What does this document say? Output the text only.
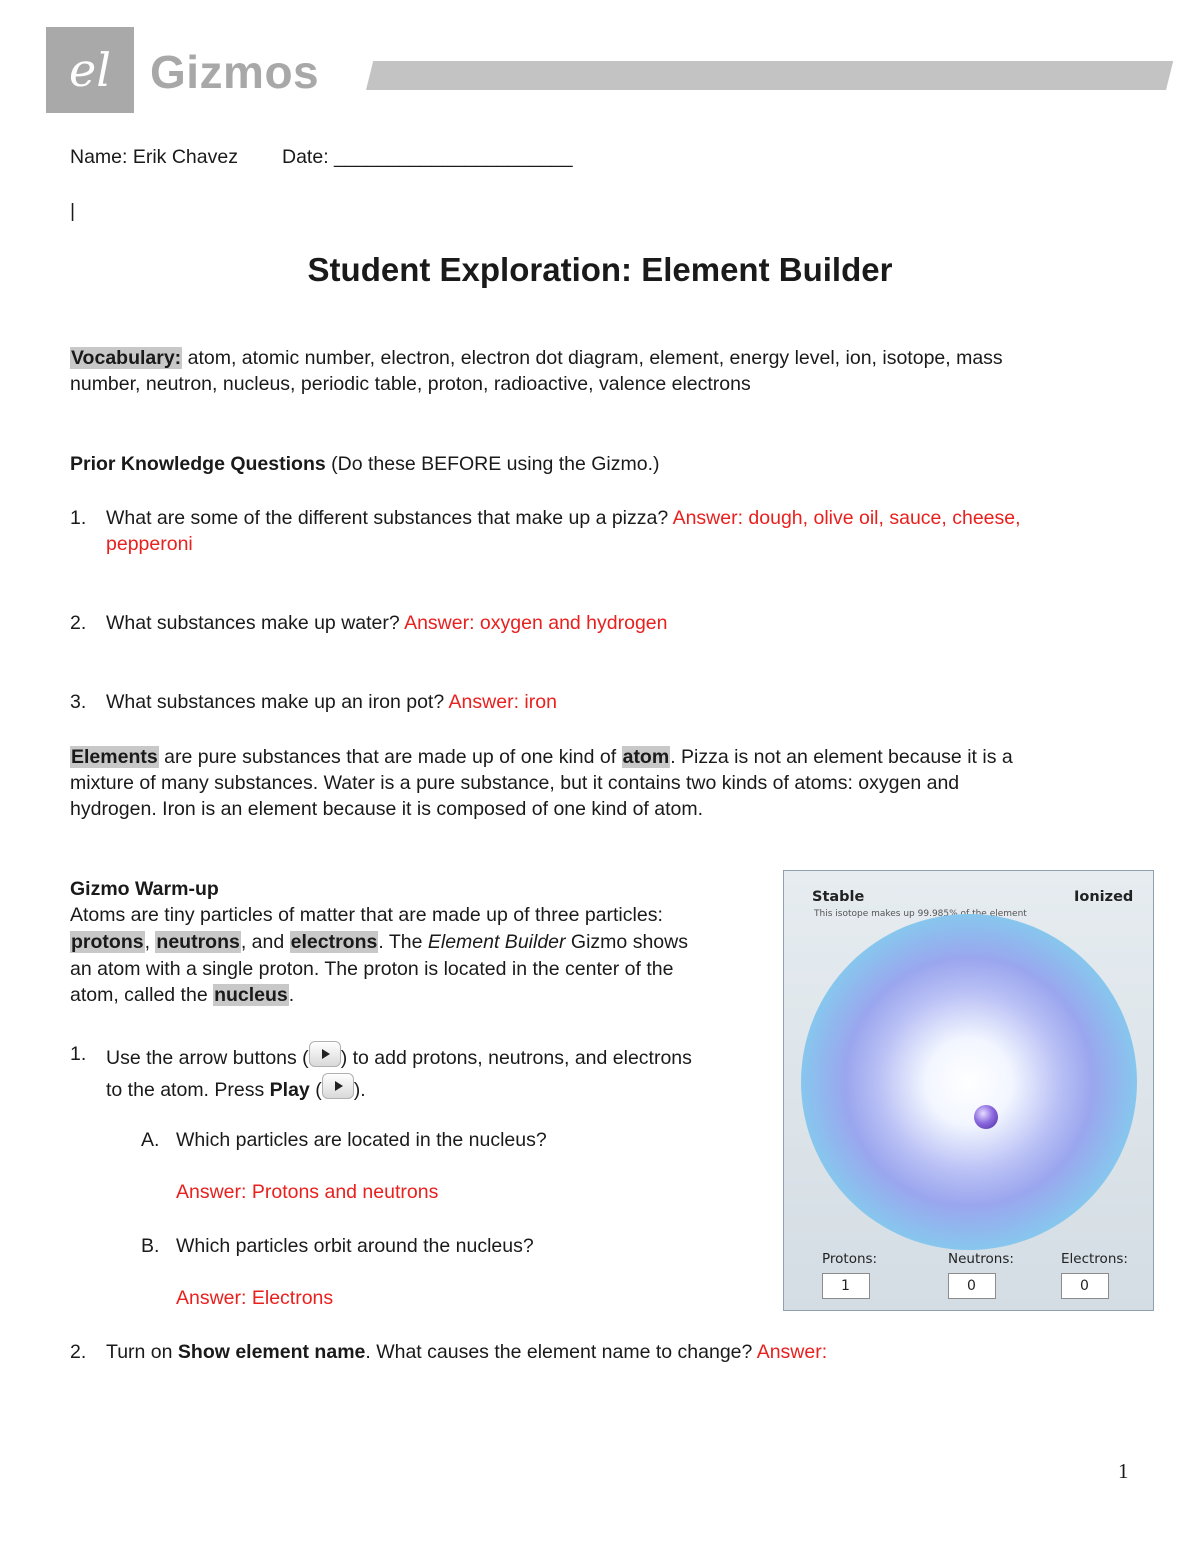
el Gizmos
Name: Erik Chavez Date: ______________________
|
Student Exploration: Element Builder
Vocabulary: atom, atomic number, electron, electron dot diagram, element, energy level, ion, isotope, mass
number, neutron, nucleus, periodic table, proton, radioactive, valence electrons
Prior Knowledge Questions (Do these BEFORE using the Gizmo.)
1.	What are some of the different substances that make up a pizza? Answer: dough, olive oil, sauce, cheese,
pepperoni
2.	What substances make up water? Answer: oxygen and hydrogen
3.	What substances make up an iron pot? Answer: iron
Elements are pure substances that are made up of one kind of atom. Pizza is not an element because it is a
mixture of many substances. Water is a pure substance, but it contains two kinds of atoms: oxygen and
hydrogen. Iron is an element because it is composed of one kind of atom.
Gizmo Warm-up
Atoms are tiny particles of matter that are made up of three particles:
protons, neutrons, and electrons. The Element Builder Gizmo shows
an atom with a single proton. The proton is located in the center of the
atom, called the nucleus.
1.	Use the arrow buttons ( ) to add protons, neutrons, and electrons
to the atom. Press Play ( ).
A. Which particles are located in the nucleus?
Answer: Protons and neutrons
B. Which particles orbit around the nucleus?
Answer: Electrons
2.	Turn on Show element name. What causes the element name to change? Answer:
Stable	Ionized
This isotope makes up 99.985% of the element
Protons:	Neutrons:	Electrons:
1	0	0
1
